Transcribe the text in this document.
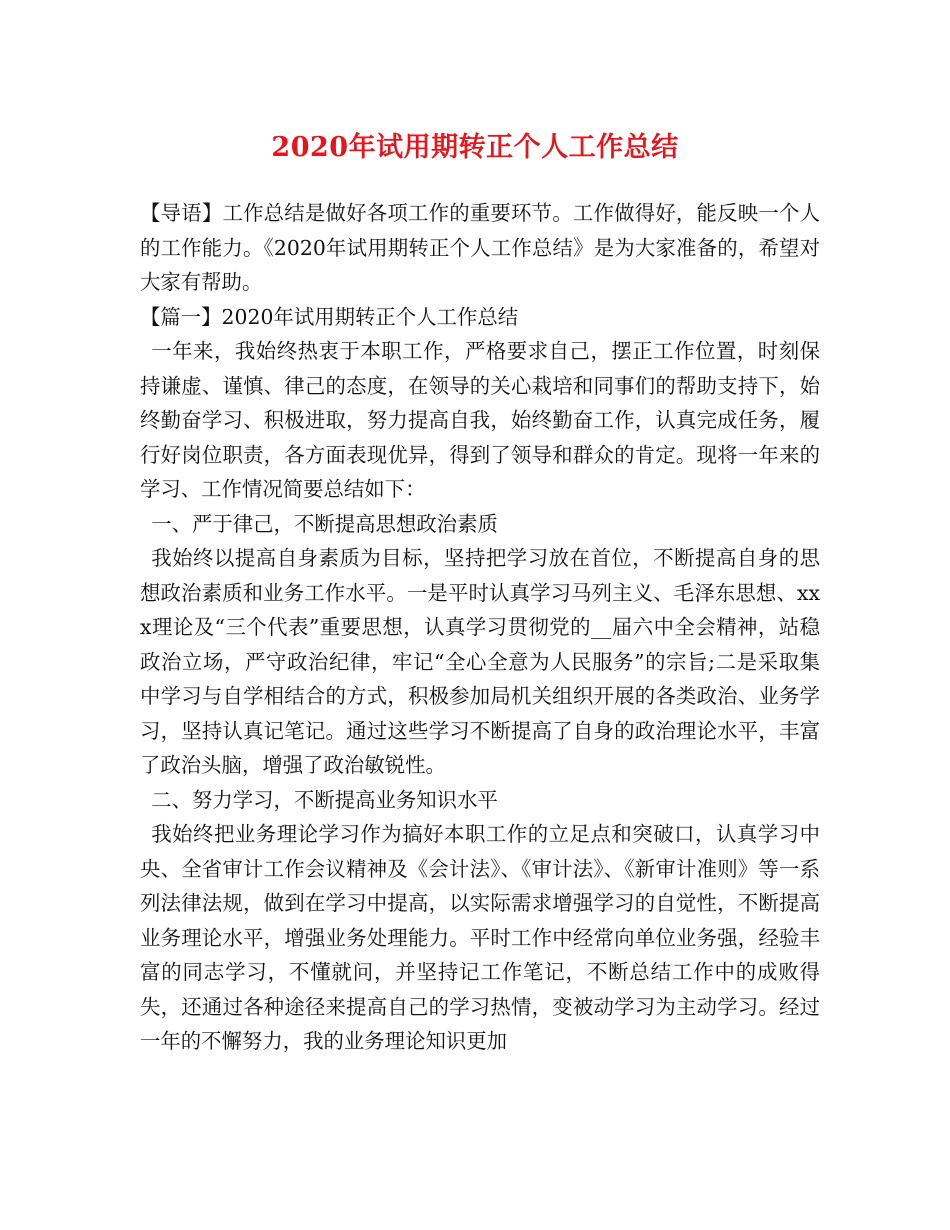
2020年试用期转正个人工作总结

【导语】工作总结是做好各项工作的重要环节。工作做得好，能反映一个人的工作能力。《2020年试用期转正个人工作总结》是为大家准备的，希望对大家有帮助。

【篇一】2020年试用期转正个人工作总结

一年来，我始终热衷于本职工作，严格要求自己，摆正工作位置，时刻保持谦虚、谨慎、律己的态度，在领导的关心栽培和同事们的帮助支持下，始终勤奋学习、积极进取，努力提高自我，始终勤奋工作，认真完成任务，履行好岗位职责，各方面表现优异，得到了领导和群众的肯定。现将一年来的学习、工作情况简要总结如下：

一、严于律己，不断提高思想政治素质

我始终以提高自身素质为目标，坚持把学习放在首位，不断提高自身的思想政治素质和业务工作水平。一是平时认真学习马列主义、毛泽东思想、xxx理论及“三个代表”重要思想，认真学习贯彻党的__届六中全会精神，站稳政治立场，严守政治纪律，牢记“全心全意为人民服务”的宗旨;二是采取集中学习与自学相结合的方式，积极参加局机关组织开展的各类政治、业务学习，坚持认真记笔记。通过这些学习不断提高了自身的政治理论水平，丰富了政治头脑，增强了政治敏锐性。

二、努力学习，不断提高业务知识水平

我始终把业务理论学习作为搞好本职工作的立足点和突破口，认真学习中央、全省审计工作会议精神及《会计法》、《审计法》、《新审计准则》等一系列法律法规，做到在学习中提高，以实际需求增强学习的自觉性，不断提高业务理论水平，增强业务处理能力。平时工作中经常向单位业务强，经验丰富的同志学习，不懂就问，并坚持记工作笔记，不断总结工作中的成败得失，还通过各种途径来提高自己的学习热情，变被动学习为主动学习。经过一年的不懈努力，我的业务理论知识更加
